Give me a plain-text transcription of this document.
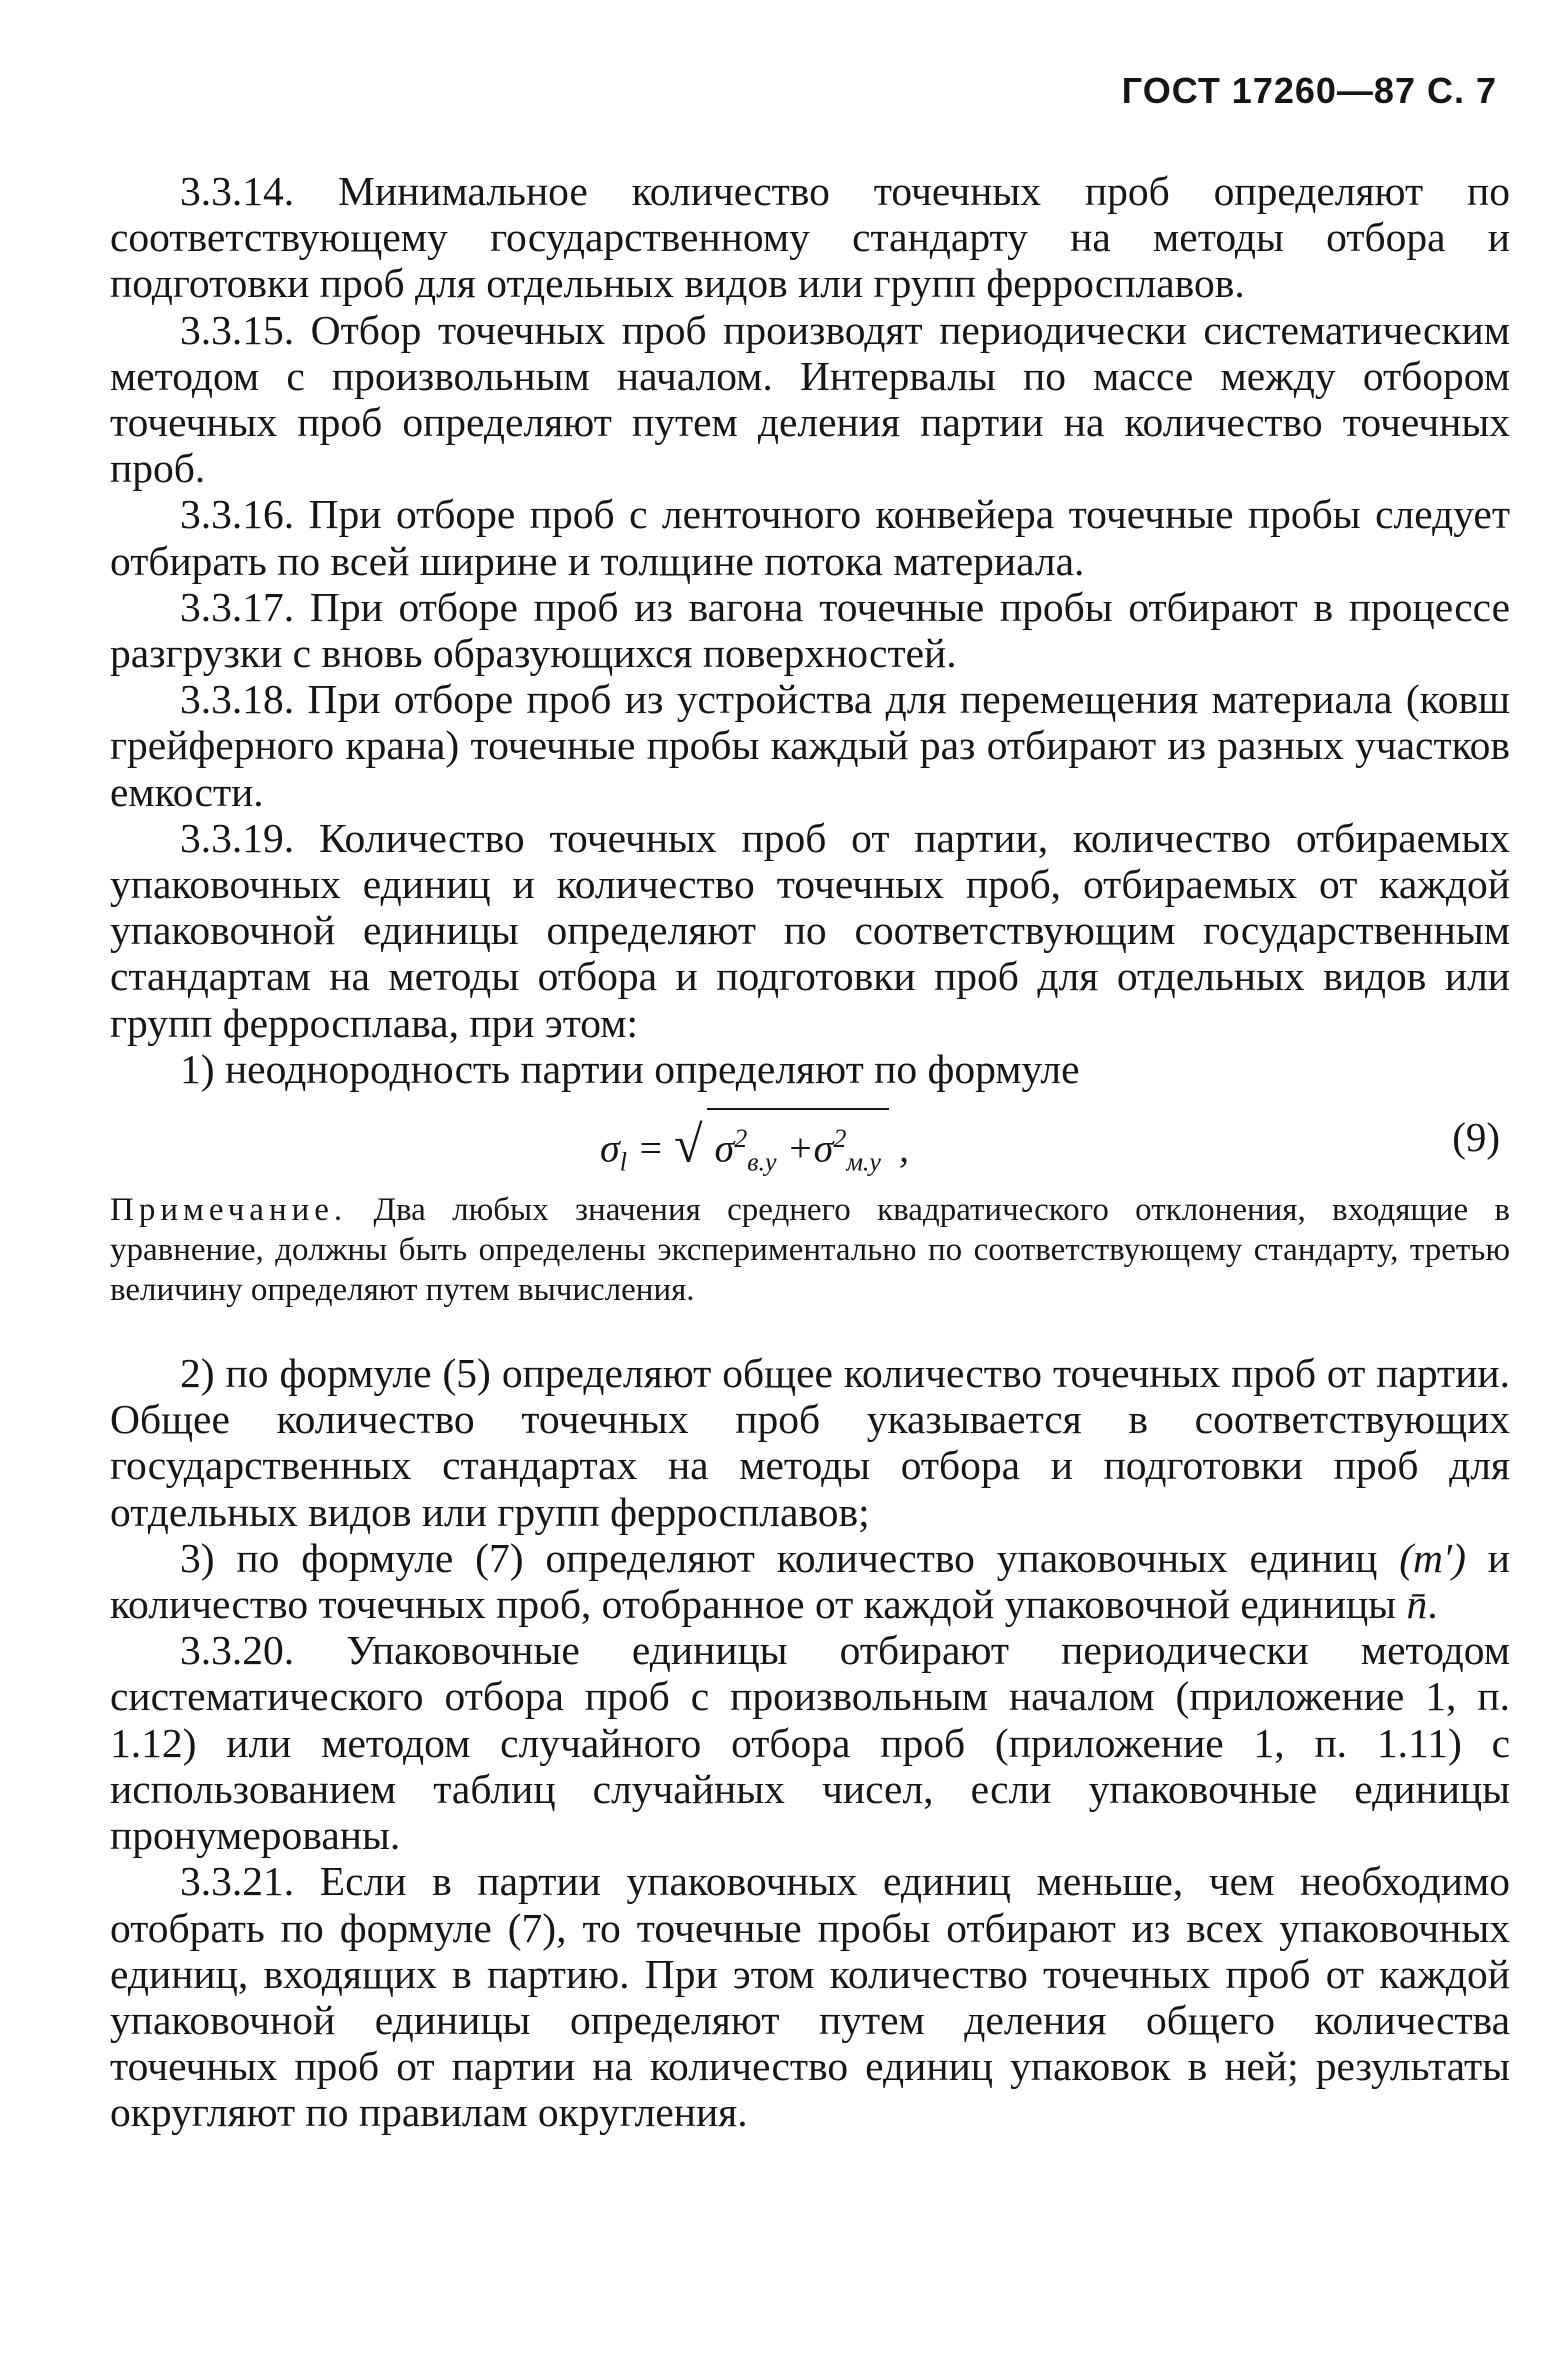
ГОСТ 17260—87 С. 7

3.3.14. Минимальное количество точечных проб определяют по соответствующему государственному стандарту на методы отбора и подготовки проб для отдельных видов или групп ферросплавов.

3.3.15. Отбор точечных проб производят периодически систематическим методом с произвольным началом. Интервалы по массе между отбором точечных проб определяют путем деления партии на количество точечных проб.

3.3.16. При отборе проб с ленточного конвейера точечные пробы следует отбирать по всей ширине и толщине потока материала.

3.3.17. При отборе проб из вагона точечные пробы отбирают в процессе разгрузки с вновь образующихся поверхностей.

3.3.18. При отборе проб из устройства для перемещения материала (ковш грейферного крана) точечные пробы каждый раз отбирают из разных участков емкости.

3.3.19. Количество точечных проб от партии, количество отбираемых упаковочных единиц и количество точечных проб, отбираемых от каждой упаковочной единицы определяют по соответствующим государственным стандартам на методы отбора и подготовки проб для отдельных видов или групп ферросплава, при этом:

1) неоднородность партии определяют по формуле

$\sigma_l$ = √ $\sigma^2_{в.у} +\sigma^2_{м.у}$ ,	(9)

Примечание. Два любых значения среднего квадратического отклонения, входящие в уравнение, должны быть определены экспериментально по соответствующему стандарту, третью величину определяют путем вычисления.

2) по формуле (5) определяют общее количество точечных проб от партии. Общее количество точечных проб указывается в соответствующих государственных стандартах на методы отбора и подготовки проб для отдельных видов или групп ферросплавов;

3) по формуле (7) определяют количество упаковочных единиц (m′) и количество точечных проб, отобранное от каждой упаковочной единицы n̄.

3.3.20. Упаковочные единицы отбирают периодически методом систематического отбора проб с произвольным началом (приложение 1, п. 1.12) или методом случайного отбора проб (приложение 1, п. 1.11) с использованием таблиц случайных чисел, если упаковочные единицы пронумерованы.

3.3.21. Если в партии упаковочных единиц меньше, чем необходимо отобрать по формуле (7), то точечные пробы отбирают из всех упаковочных единиц, входящих в партию. При этом количество точечных проб от каждой упаковочной единицы определяют путем деления общего количества точечных проб от партии на количество единиц упаковок в ней; результаты округляют по правилам округления.
